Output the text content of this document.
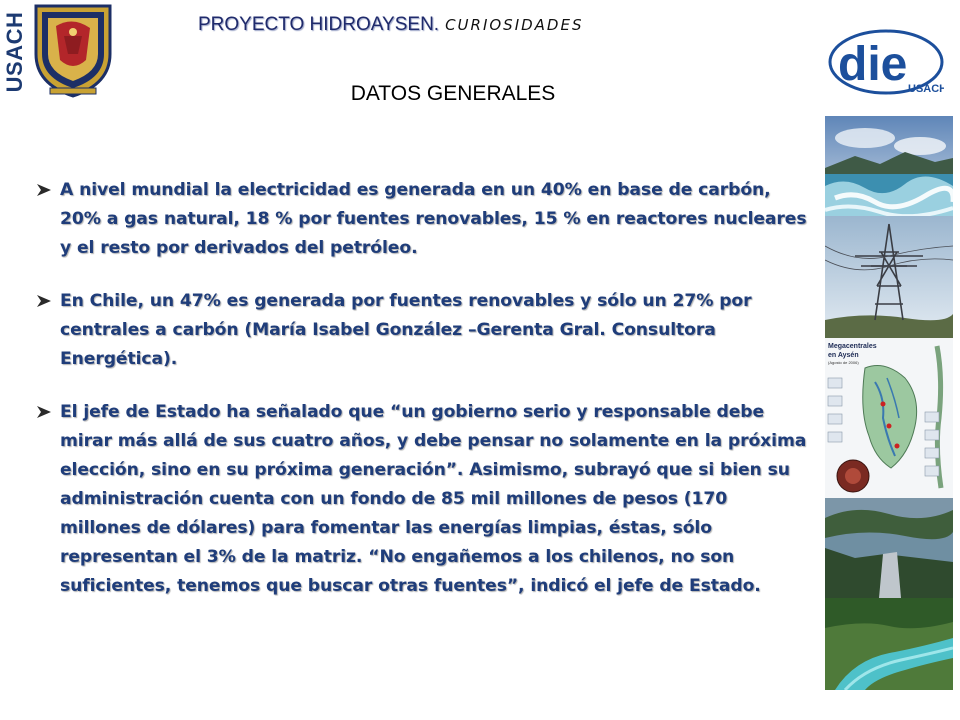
USACH	PROYECTO HIDROAYSEN. CURIOSIDADES
DATOS GENERALES
die USACH
Megacentrales
en Aysén
(Agosto de 2006)
A nivel mundial la electricidad es generada en un 40% en base de carbón, 20% a gas natural, 18 % por fuentes renovables, 15 % en reactores nucleares y el resto por derivados del petróleo.
En Chile, un 47% es generada por fuentes renovables y sólo un 27% por centrales a carbón (María Isabel González –Gerenta Gral. Consultora Energética).
El jefe de Estado ha señalado que “un gobierno serio y responsable debe mirar más allá de sus cuatro años, y debe pensar no solamente en la próxima elección, sino en su próxima generación”. Asimismo, subrayó que si bien su administración cuenta con un fondo de 85 mil millones de pesos (170 millones de dólares) para fomentar las energías limpias, éstas, sólo representan el 3% de la matriz. “No engañemos a los chilenos, no son suficientes, tenemos que buscar otras fuentes”, indicó el jefe de Estado.
